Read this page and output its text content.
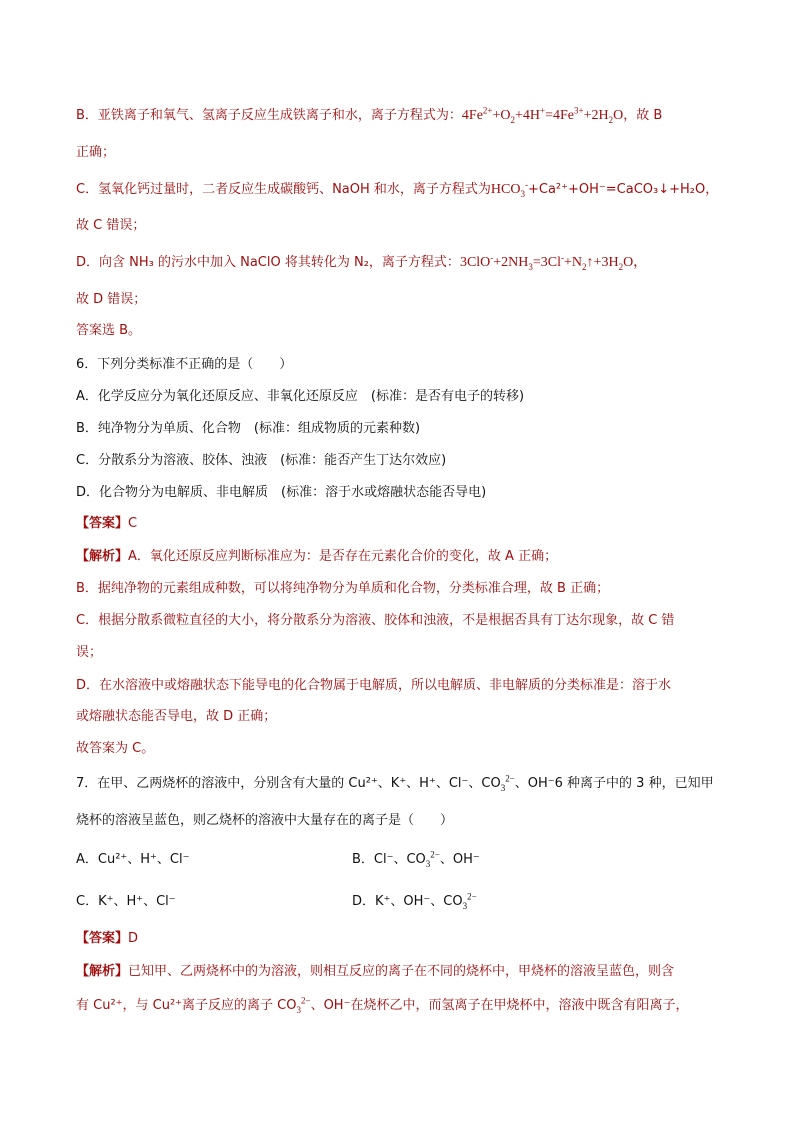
B．亚铁离子和氧气、氢离子反应生成铁离子和水，离子方程式为：$4Fe^{2+}+O_2+4H^+=4Fe^{3+}+2H_2O$，故 B
正确；
C．氢氧化钙过量时，二者反应生成碳酸钙、NaOH 和水，离子方程式为$HCO_3^-+Ca^{2+}+OH^-=CaCO_3↓+H_2O$，
故 C 错误；
D．向含 NH₃ 的污水中加入 NaClO 将其转化为 N₂，离子方程式：$3ClO^-+2NH_3=3Cl^-+N_2↑+3H_2O$，
故 D 错误；
答案选 B。
6．下列分类标准不正确的是（　　）
A．化学反应分为氧化还原反应、非氧化还原反应　(标准：是否有电子的转移)
B．纯净物分为单质、化合物　(标准：组成物质的元素种数)
C．分散系分为溶液、胶体、浊液　(标准：能否产生丁达尔效应)
D．化合物分为电解质、非电解质　(标准：溶于水或熔融状态能否导电)
【答案】C
【解析】A．氧化还原反应判断标准应为：是否存在元素化合价的变化，故 A 正确；
B．据纯净物的元素组成种数，可以将纯净物分为单质和化合物，分类标准合理，故 B 正确；
C．根据分散系微粒直径的大小，将分散系分为溶液、胶体和浊液，不是根据否具有丁达尔现象，故 C 错
误；
D．在水溶液中或熔融状态下能导电的化合物属于电解质，所以电解质、非电解质的分类标准是：溶于水
或熔融状态能否导电，故 D 正确；
故答案为 C。
7．在甲、乙两烧杯的溶液中，分别含有大量的 Cu²⁺、K⁺、H⁺、Cl⁻、$CO_3^{2-}$、OH⁻6 种离子中的 3 种，已知甲
烧杯的溶液呈蓝色，则乙烧杯的溶液中大量存在的离子是（　　）
A．Cu²⁺、H⁺、Cl⁻	B．Cl⁻、$CO_3^{2-}$、OH⁻
C．K⁺、H⁺、Cl⁻	D．K⁺、OH⁻、$CO_3^{2-}$
【答案】D
【解析】已知甲、乙两烧杯中的为溶液，则相互反应的离子在不同的烧杯中，甲烧杯的溶液呈蓝色，则含
有 Cu²⁺，与 Cu²⁺离子反应的离子 $CO_3^{2-}$、OH⁻在烧杯乙中，而氢离子在甲烧杯中，溶液中既含有阳离子，
